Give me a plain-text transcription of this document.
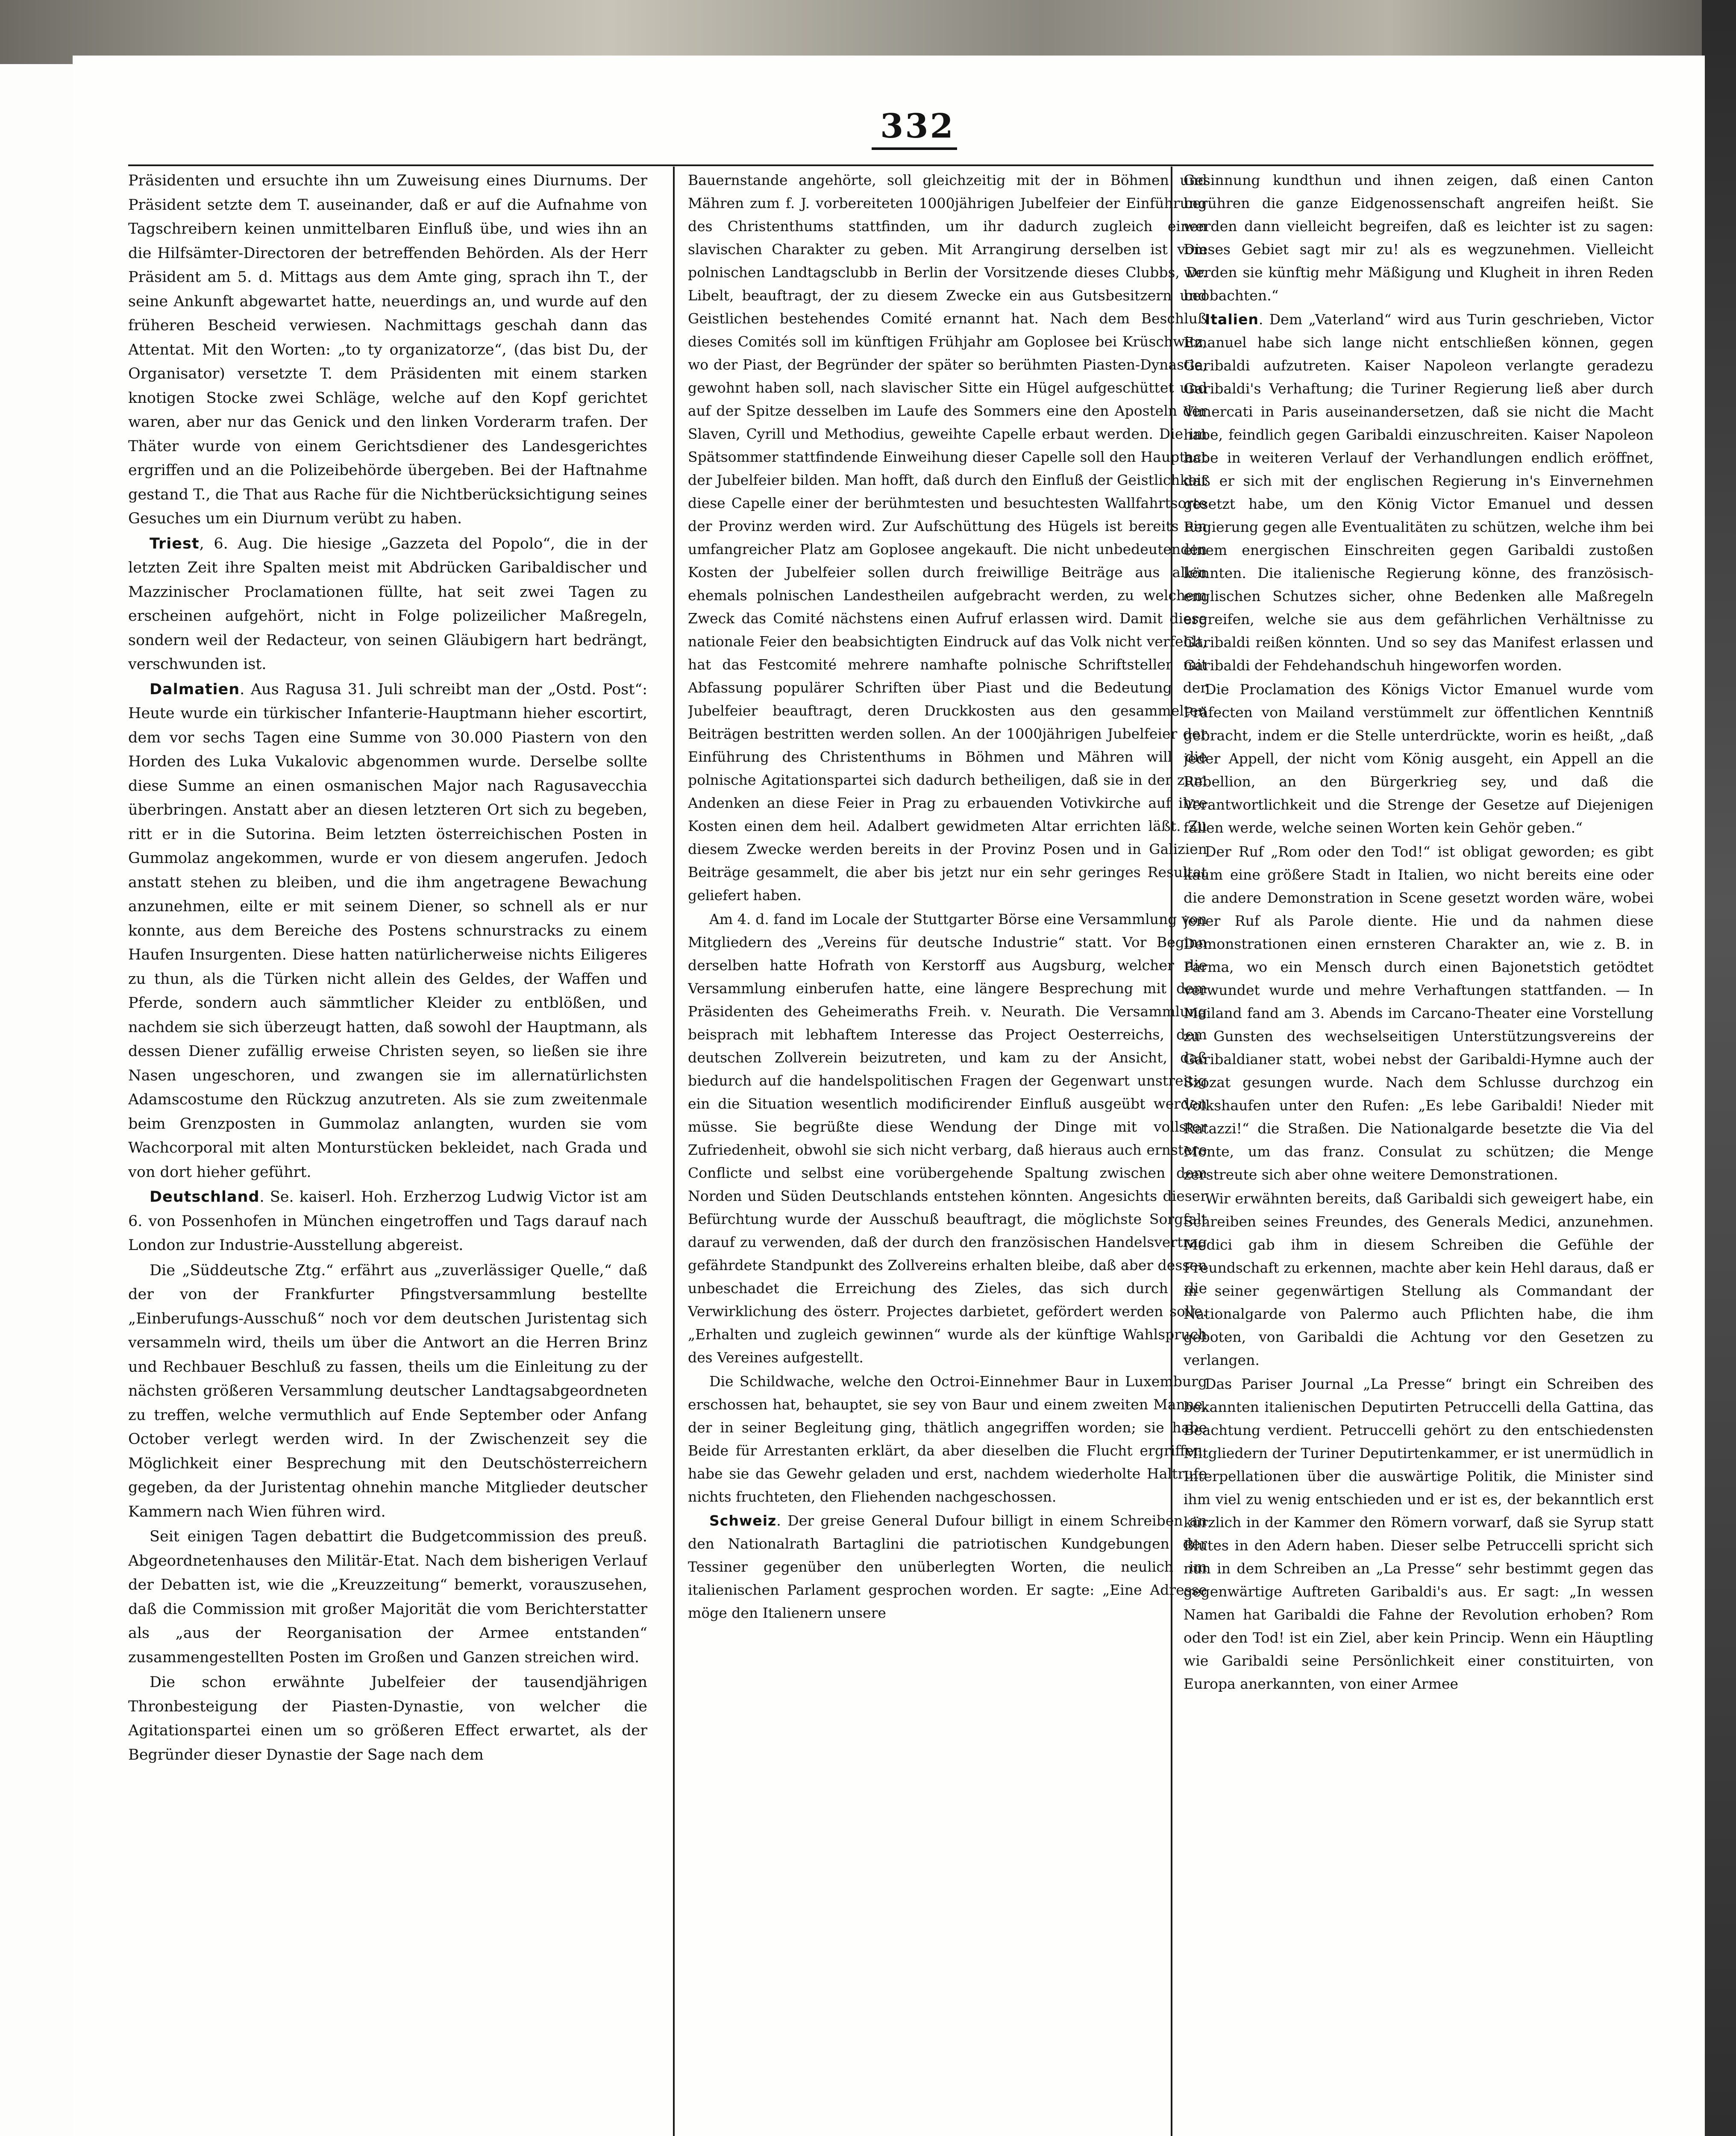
332

Präsidenten und ersuchte ihn um Zuweisung eines Diurnums. Der Präsident setzte dem T. auseinander, daß er auf die Aufnahme von Tagschreibern keinen unmittelbaren Einfluß übe, und wies ihn an die Hilfsämter-Directoren der betreffenden Behörden. Als der Herr Präsident am 5. d. Mittags aus dem Amte ging, sprach ihn T., der seine Ankunft abgewartet hatte, neuerdings an, und wurde auf den früheren Bescheid verwiesen. Nachmittags geschah dann das Attentat. Mit den Worten: „to ty organizatorze“, (das bist Du, der Organisator) versetzte T. dem Präsidenten mit einem starken knotigen Stocke zwei Schläge, welche auf den Kopf gerichtet waren, aber nur das Genick und den linken Vorderarm trafen. Der Thäter wurde von einem Gerichtsdiener des Landesgerichtes ergriffen und an die Polizeibehörde übergeben. Bei der Haftnahme gestand T., die That aus Rache für die Nichtberücksichtigung seines Gesuches um ein Diurnum verübt zu haben.

Triest, 6. Aug. Die hiesige „Gazzeta del Popolo“, die in der letzten Zeit ihre Spalten meist mit Abdrücken Garibaldischer und Mazzinischer Proclamationen füllte, hat seit zwei Tagen zu erscheinen aufgehört, nicht in Folge polizeilicher Maßregeln, sondern weil der Redacteur, von seinen Gläubigern hart bedrängt, verschwunden ist.

Dalmatien. Aus Ragusa 31. Juli schreibt man der „Ostd. Post“: Heute wurde ein türkischer Infanterie-Hauptmann hieher escortirt, dem vor sechs Tagen eine Summe von 30.000 Piastern von den Horden des Luka Vukalovic abgenommen wurde. Derselbe sollte diese Summe an einen osmanischen Major nach Ragusavecchia überbringen. Anstatt aber an diesen letzteren Ort sich zu begeben, ritt er in die Sutorina. Beim letzten österreichischen Posten in Gummolaz angekommen, wurde er von diesem angerufen. Jedoch anstatt stehen zu bleiben, und die ihm angetragene Bewachung anzunehmen, eilte er mit seinem Diener, so schnell als er nur konnte, aus dem Bereiche des Postens schnurstracks zu einem Haufen Insurgenten. Diese hatten natürlicherweise nichts Eiligeres zu thun, als die Türken nicht allein des Geldes, der Waffen und Pferde, sondern auch sämmtlicher Kleider zu entblößen, und nachdem sie sich überzeugt hatten, daß sowohl der Hauptmann, als dessen Diener zufällig erweise Christen seyen, so ließen sie ihre Nasen ungeschoren, und zwangen sie im allernatürlichsten Adamscostume den Rückzug anzutreten. Als sie zum zweitenmale beim Grenzposten in Gummolaz anlangten, wurden sie vom Wachcorporal mit alten Monturstücken bekleidet, nach Grada und von dort hieher geführt.

Deutschland. Se. kaiserl. Hoh. Erzherzog Ludwig Victor ist am 6. von Possenhofen in München eingetroffen und Tags darauf nach London zur Industrie-Ausstellung abgereist.

Die „Süddeutsche Ztg.“ erfährt aus „zuverlässiger Quelle,“ daß der von der Frankfurter Pfingstversammlung bestellte „Einberufungs-Ausschuß“ noch vor dem deutschen Juristentag sich versammeln wird, theils um über die Antwort an die Herren Brinz und Rechbauer Beschluß zu fassen, theils um die Einleitung zu der nächsten größeren Versammlung deutscher Landtagsabgeordneten zu treffen, welche vermuthlich auf Ende September oder Anfang October verlegt werden wird. In der Zwischenzeit sey die Möglichkeit einer Besprechung mit den Deutschösterreichern gegeben, da der Juristentag ohnehin manche Mitglieder deutscher Kammern nach Wien führen wird.

Seit einigen Tagen debattirt die Budgetcommission des preuß. Abgeordnetenhauses den Militär-Etat. Nach dem bisherigen Verlauf der Debatten ist, wie die „Kreuzzeitung“ bemerkt, vorauszusehen, daß die Commission mit großer Majorität die vom Berichterstatter als „aus der Reorganisation der Armee entstanden“ zusammengestellten Posten im Großen und Ganzen streichen wird.

Die schon erwähnte Jubelfeier der tausendjährigen Thronbesteigung der Piasten-Dynastie, von welcher die Agitationspartei einen um so größeren Effect erwartet, als der Begründer dieser Dynastie der Sage nach dem

Bauernstande angehörte, soll gleichzeitig mit der in Böhmen und Mähren zum f. J. vorbereiteten 1000jährigen Jubelfeier der Einführung des Christenthums stattfinden, um ihr dadurch zugleich einen slavischen Charakter zu geben. Mit Arrangirung derselben ist vom polnischen Landtagsclubb in Berlin der Vorsitzende dieses Clubbs, Dr. Libelt, beauftragt, der zu diesem Zwecke ein aus Gutsbesitzern und Geistlichen bestehendes Comité ernannt hat. Nach dem Beschluß dieses Comités soll im künftigen Frühjahr am Goplosee bei Krüschwitz, wo der Piast, der Begründer der später so berühmten Piasten-Dynastie, gewohnt haben soll, nach slavischer Sitte ein Hügel aufgeschüttet und auf der Spitze desselben im Laufe des Sommers eine den Aposteln der Slaven, Cyrill und Methodius, geweihte Capelle erbaut werden. Die im Spätsommer stattfindende Einweihung dieser Capelle soll den Hauptact der Jubelfeier bilden. Man hofft, daß durch den Einfluß der Geistlichkeit diese Capelle einer der berühmtesten und besuchtesten Wallfahrtsorte der Provinz werden wird. Zur Aufschüttung des Hügels ist bereits ein umfangreicher Platz am Goplosee angekauft. Die nicht unbedeutenden Kosten der Jubelfeier sollen durch freiwillige Beiträge aus allen ehemals polnischen Landestheilen aufgebracht werden, zu welchem Zweck das Comité nächstens einen Aufruf erlassen wird. Damit diese nationale Feier den beabsichtigten Eindruck auf das Volk nicht verfehlt, hat das Festcomité mehrere namhafte polnische Schriftsteller mit Abfassung populärer Schriften über Piast und die Bedeutung der Jubelfeier beauftragt, deren Druckkosten aus den gesammelten Beiträgen bestritten werden sollen. An der 1000jährigen Jubelfeier der Einführung des Christenthums in Böhmen und Mähren will die polnische Agitationspartei sich dadurch betheiligen, daß sie in der zum Andenken an diese Feier in Prag zu erbauenden Votivkirche auf ihre Kosten einen dem heil. Adalbert gewidmeten Altar errichten läßt. Zu diesem Zwecke werden bereits in der Provinz Posen und in Galizien Beiträge gesammelt, die aber bis jetzt nur ein sehr geringes Resultat geliefert haben.

Am 4. d. fand im Locale der Stuttgarter Börse eine Versammlung von Mitgliedern des „Vereins für deutsche Industrie“ statt. Vor Beginn derselben hatte Hofrath von Kerstorff aus Augsburg, welcher die Versammlung einberufen hatte, eine längere Besprechung mit dem Präsidenten des Geheimeraths Freih. v. Neurath. Die Versammlung beisprach mit lebhaftem Interesse das Project Oesterreichs, dem deutschen Zollverein beizutreten, und kam zu der Ansicht, daß biedurch auf die handelspolitischen Fragen der Gegenwart unstreitig ein die Situation wesentlich modificirender Einfluß ausgeübt werden müsse. Sie begrüßte diese Wendung der Dinge mit vollster Zufriedenheit, obwohl sie sich nicht verbarg, daß hieraus auch ernstere Conflicte und selbst eine vorübergehende Spaltung zwischen dem Norden und Süden Deutschlands entstehen könnten. Angesichts dieser Befürchtung wurde der Ausschuß beauftragt, die möglichste Sorgfalt darauf zu verwenden, daß der durch den französischen Handelsvertrag gefährdete Standpunkt des Zollvereins erhalten bleibe, daß aber dessen unbeschadet die Erreichung des Zieles, das sich durch die Verwirklichung des österr. Projectes darbietet, gefördert werden solle. „Erhalten und zugleich gewinnen“ wurde als der künftige Wahlspruch des Vereines aufgestellt.

Die Schildwache, welche den Octroi-Einnehmer Baur in Luxemburg erschossen hat, behauptet, sie sey von Baur und einem zweiten Manne, der in seiner Begleitung ging, thätlich angegriffen worden; sie habe Beide für Arrestanten erklärt, da aber dieselben die Flucht ergriffen, habe sie das Gewehr geladen und erst, nachdem wiederholte Haltrufe nichts fruchteten, den Fliehenden nachgeschossen.

Schweiz. Der greise General Dufour billigt in einem Schreiben an den Nationalrath Bartaglini die patriotischen Kundgebungen der Tessiner gegenüber den unüberlegten Worten, die neulich im italienischen Parlament gesprochen worden. Er sagte: „Eine Adresse möge den Italienern unsere

Gesinnung kundthun und ihnen zeigen, daß einen Canton berühren die ganze Eidgenossenschaft angreifen heißt. Sie werden dann vielleicht begreifen, daß es leichter ist zu sagen: Dieses Gebiet sagt mir zu! als es wegzunehmen. Vielleicht werden sie künftig mehr Mäßigung und Klugheit in ihren Reden beobachten.“

Italien. Dem „Vaterland“ wird aus Turin geschrieben, Victor Emanuel habe sich lange nicht entschließen können, gegen Garibaldi aufzutreten. Kaiser Napoleon verlangte geradezu Garibaldi's Verhaftung; die Turiner Regierung ließ aber durch Vimercati in Paris auseinandersetzen, daß sie nicht die Macht habe, feindlich gegen Garibaldi einzuschreiten. Kaiser Napoleon habe in weiteren Verlauf der Verhandlungen endlich eröffnet, daß er sich mit der englischen Regierung in's Einvernehmen gesetzt habe, um den König Victor Emanuel und dessen Regierung gegen alle Eventualitäten zu schützen, welche ihm bei einem energischen Einschreiten gegen Garibaldi zustoßen könnten. Die italienische Regierung könne, des französisch-englischen Schutzes sicher, ohne Bedenken alle Maßregeln ergreifen, welche sie aus dem gefährlichen Verhältnisse zu Garibaldi reißen könnten. Und so sey das Manifest erlassen und Garibaldi der Fehdehandschuh hingeworfen worden.

Die Proclamation des Königs Victor Emanuel wurde vom Präfecten von Mailand verstümmelt zur öffentlichen Kenntniß gebracht, indem er die Stelle unterdrückte, worin es heißt, „daß jeder Appell, der nicht vom König ausgeht, ein Appell an die Rebellion, an den Bürgerkrieg sey, und daß die Verantwortlichkeit und die Strenge der Gesetze auf Diejenigen fallen werde, welche seinen Worten kein Gehör geben.“

Der Ruf „Rom oder den Tod!“ ist obligat geworden; es gibt kaum eine größere Stadt in Italien, wo nicht bereits eine oder die andere Demonstration in Scene gesetzt worden wäre, wobei jener Ruf als Parole diente. Hie und da nahmen diese Demonstrationen einen ernsteren Charakter an, wie z. B. in Parma, wo ein Mensch durch einen Bajonetstich getödtet verwundet wurde und mehre Verhaftungen stattfanden. — In Mailand fand am 3. Abends im Carcano-Theater eine Vorstellung zu Gunsten des wechselseitigen Unterstützungsvereins der Garibaldianer statt, wobei nebst der Garibaldi-Hymne auch der Szozat gesungen wurde. Nach dem Schlusse durchzog ein Volkshaufen unter den Rufen: „Es lebe Garibaldi! Nieder mit Ratazzi!“ die Straßen. Die Nationalgarde besetzte die Via del Monte, um das franz. Consulat zu schützen; die Menge zerstreute sich aber ohne weitere Demonstrationen.

Wir erwähnten bereits, daß Garibaldi sich geweigert habe, ein Schreiben seines Freundes, des Generals Medici, anzunehmen. Medici gab ihm in diesem Schreiben die Gefühle der Freundschaft zu erkennen, machte aber kein Hehl daraus, daß er in seiner gegenwärtigen Stellung als Commandant der Nationalgarde von Palermo auch Pflichten habe, die ihm geboten, von Garibaldi die Achtung vor den Gesetzen zu verlangen.

Das Pariser Journal „La Presse“ bringt ein Schreiben des bekannten italienischen Deputirten Petruccelli della Gattina, das Beachtung verdient. Petruccelli gehört zu den entschiedensten Mitgliedern der Turiner Deputirtenkammer, er ist unermüdlich in Interpellationen über die auswärtige Politik, die Minister sind ihm viel zu wenig entschieden und er ist es, der bekanntlich erst kürzlich in der Kammer den Römern vorwarf, daß sie Syrup statt Blutes in den Adern haben. Dieser selbe Petruccelli spricht sich nun in dem Schreiben an „La Presse“ sehr bestimmt gegen das gegenwärtige Auftreten Garibaldi's aus. Er sagt: „In wessen Namen hat Garibaldi die Fahne der Revolution erhoben? Rom oder den Tod! ist ein Ziel, aber kein Princip. Wenn ein Häuptling wie Garibaldi seine Persönlichkeit einer constituirten, von Europa anerkannten, von einer Armee
